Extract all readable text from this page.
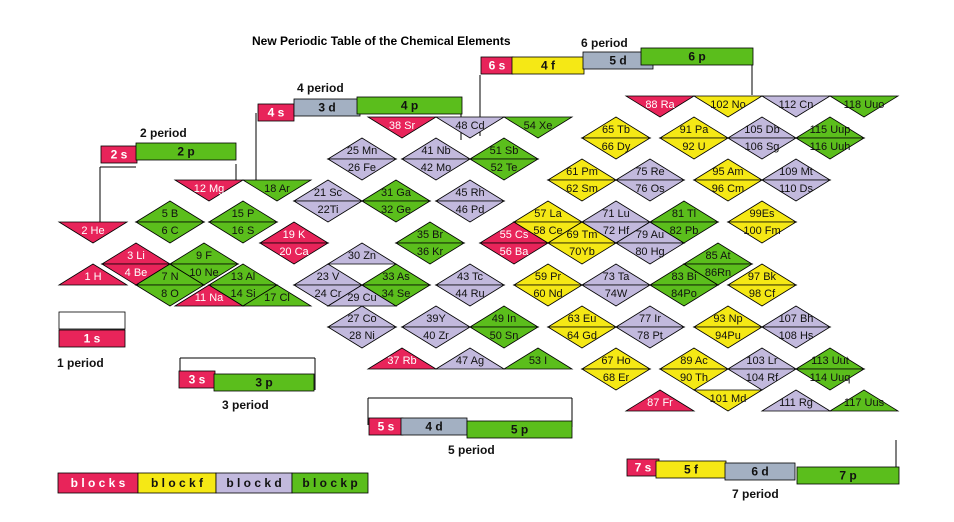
New Periodic Table of the Chemical Elements
1 H
2 He
3 Li
4 Be
5 B
6 C
7 N
8 O
9 F
10 Ne
11 Na
12 Mg
13 Al
14 Si
15 P
16 S
17 Cl
18 Ar
19 K
20 Ca
21 Sc
22Ti
23 V
24 Cr
25 Mn
26 Fe
27 Co
28 Ni
29 Cu
30 Zn
31 Ga
32 Ge
33 As
34 Se
35 Br
36 Kr
37 Rb
38 Sr
39Y
40 Zr
41 Nb
42 Mo
43 Tc
44 Ru
45 Rh
46 Pd
47 Ag
48 Cd
49 In
50 Sn
51 Sb
52 Te
53 I
54 Xe
55 Cs
56 Ba
57 La
58 Ce
59 Pr
60 Nd
61 Pm
62 Sm
63 Eu
64 Gd
65 Tb
66 Dy
67 Ho
68 Er
69 Tm
70Yb
71 Lu
72 Hf
73 Ta
74W
75 Re
76 Os
77 Ir
78 Pt
79 Au
80 Hg
81 Tl
82 Pb
83 Bi
84Po
85 At
86Rn
87 Fr
88 Ra
89 Ac
90 Th
91 Pa
92 U
93 Np
94Pu
95 Am
96 Cm
97 Bk
98 Cf
99Es
100 Fm
101 Md
102 No
103 Lr
104 Rf
105 Db
106 Sg
107 Bh
108 Hs
109 Mt
110 Ds
111 Rg
112 Cn
113 Uut
114 Uuq
115 Uup
116 Uuh
117 Uus
118 Uuo
1 s
2 s	2 p
3 s	3 p
4 s	3 d	4 p
5 s	4 d	5 p
6 s	4 f	5 d	6 p
7 s	5 f	6 d	7 p
1 period
2 period
3 period
4 period
5 period
6 period
7 period
b l o c k s b l o c k f b l o c k d b l o c k p
